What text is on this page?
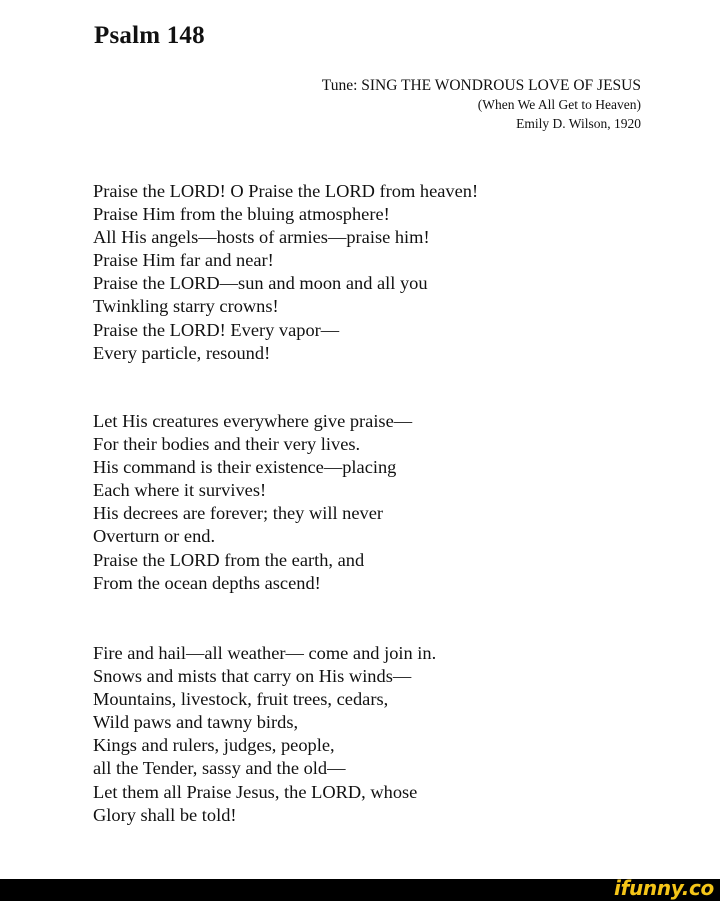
Psalm 148
Tune: SING THE WONDROUS LOVE OF JESUS
(When We All Get to Heaven)
Emily D. Wilson, 1920
Praise the LORD! O Praise the LORD from heaven!
Praise Him from the bluing atmosphere!
All His angels—hosts of armies—praise him!
Praise Him far and near!
Praise the LORD—sun and moon and all you
Twinkling starry crowns!
Praise the LORD! Every vapor—
Every particle, resound!
Let His creatures everywhere give praise—
For their bodies and their very lives.
His command is their existence—placing
Each where it survives!
His decrees are forever; they will never
Overturn or end.
Praise the LORD from the earth, and
From the ocean depths ascend!
Fire and hail—all weather— come and join in.
Snows and mists that carry on His winds—
Mountains, livestock, fruit trees, cedars,
Wild paws and tawny birds,
Kings and rulers, judges, people,
all the Tender, sassy and the old—
Let them all Praise Jesus, the LORD, whose
Glory shall be told!
ifunny.co
